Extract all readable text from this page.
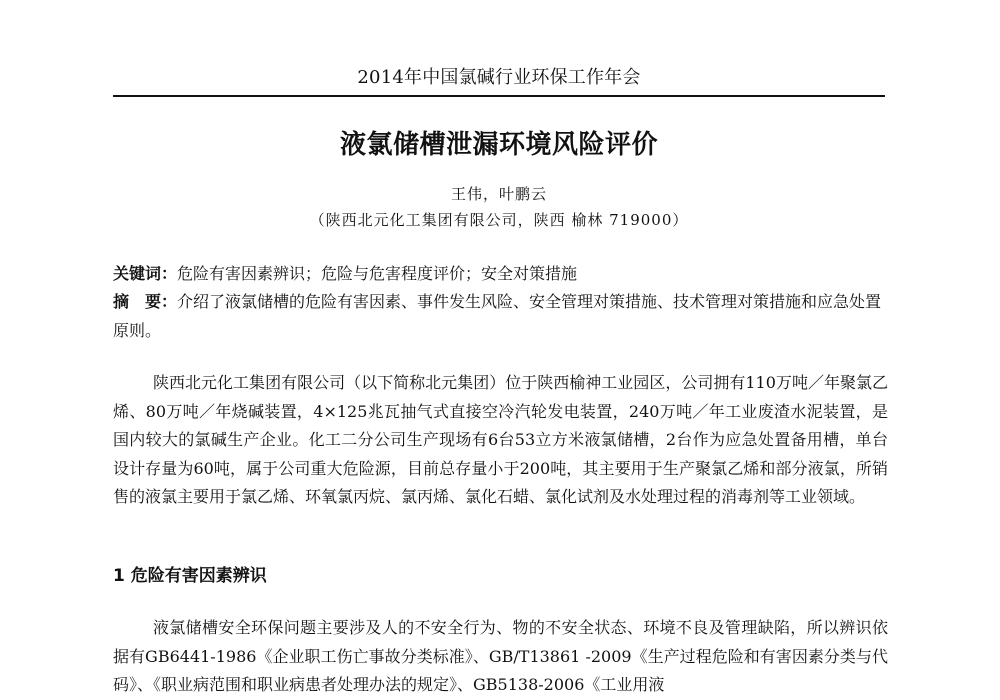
2014年中国氯碱行业环保工作年会
液氯储槽泄漏环境风险评价
王伟，叶鹏云
（陕西北元化工集团有限公司，陕西 榆林 719000）
关键词：危险有害因素辨识；危险与危害程度评价；安全对策措施
摘　要：介绍了液氯储槽的危险有害因素、事件发生风险、安全管理对策措施、技术管理对策措施和应急处置原则。
陕西北元化工集团有限公司（以下简称北元集团）位于陕西榆神工业园区，公司拥有110万吨／年聚氯乙烯、80万吨／年烧碱装置，4×125兆瓦抽气式直接空冷汽轮发电装置，240万吨／年工业废渣水泥装置，是国内较大的氯碱生产企业。化工二分公司生产现场有6台53立方米液氯储槽，2台作为应急处置备用槽，单台设计存量为60吨，属于公司重大危险源，目前总存量小于200吨，其主要用于生产聚氯乙烯和部分液氯，所销售的液氯主要用于氯乙烯、环氧氯丙烷、氯丙烯、氯化石蜡、氯化试剂及水处理过程的消毒剂等工业领域。
1 危险有害因素辨识
液氯储槽安全环保问题主要涉及人的不安全行为、物的不安全状态、环境不良及管理缺陷，所以辨识依据有GB6441-1986《企业职工伤亡事故分类标准》、GB/T13861 -2009《生产过程危险和有害因素分类与代码》、《职业病范围和职业病患者处理办法的规定》、GB5138-2006《工业用液
